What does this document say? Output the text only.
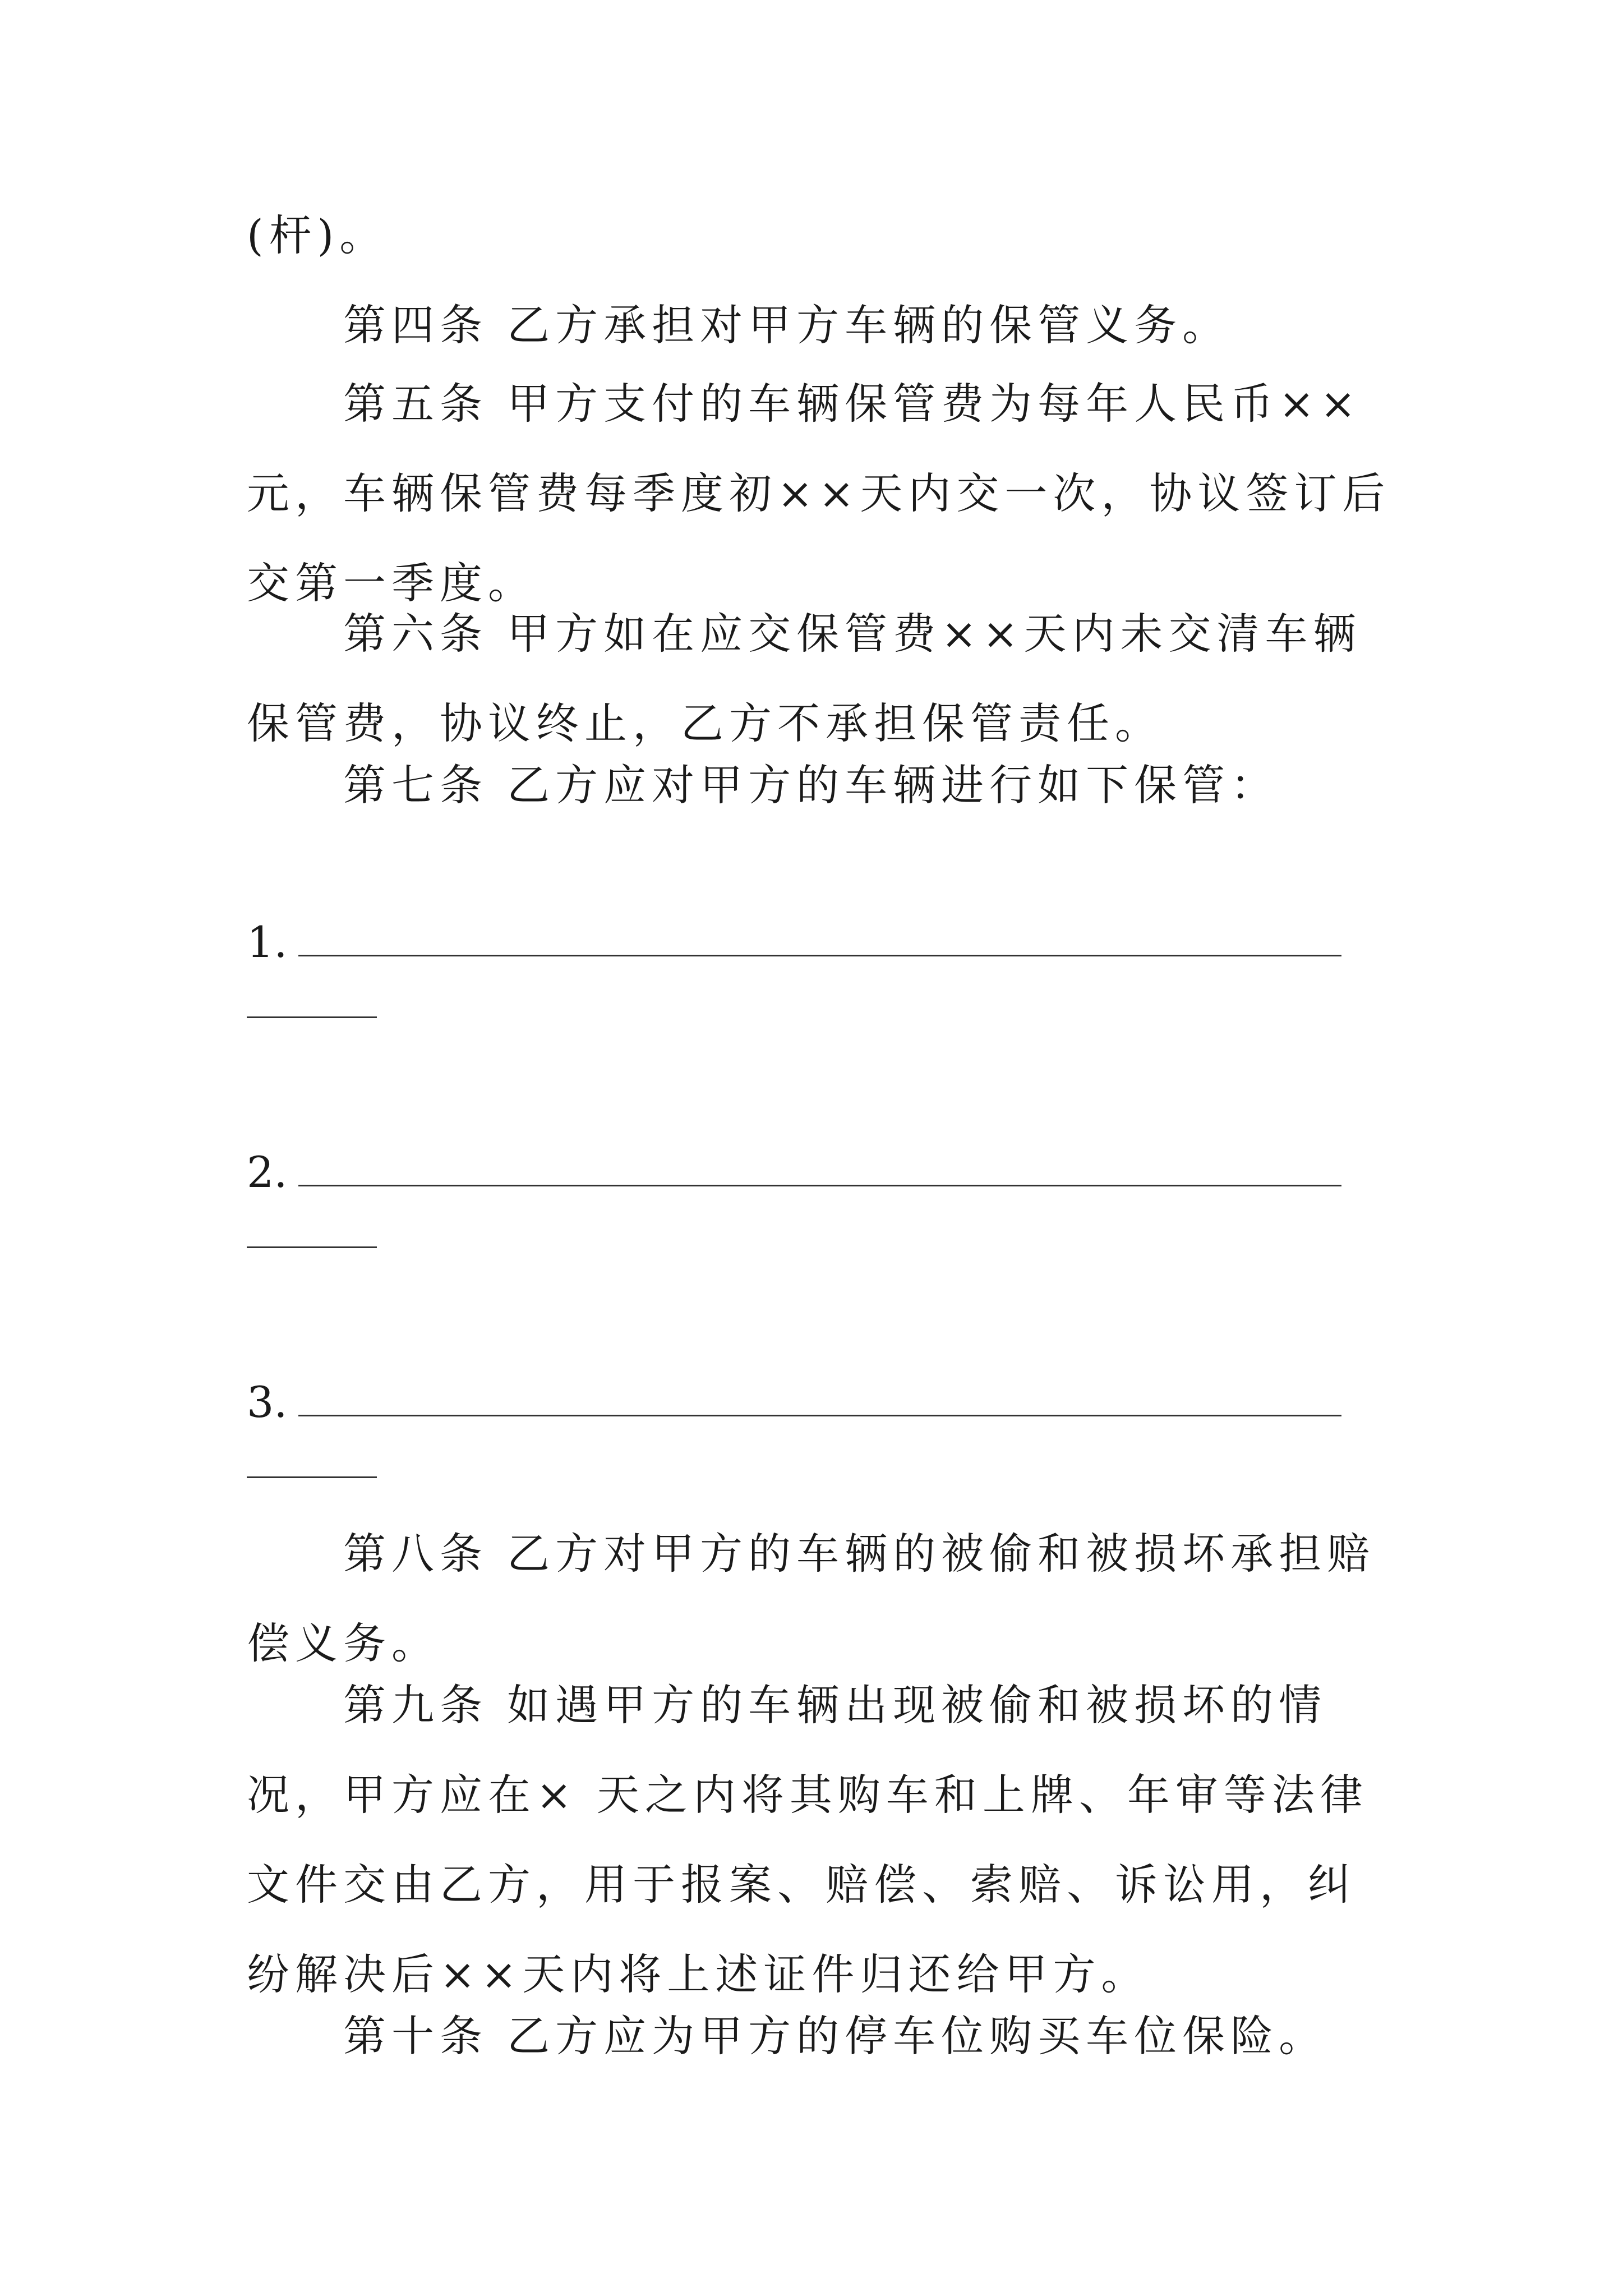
(杆)。

第四条 乙方承担对甲方车辆的保管义务。

第五条 甲方支付的车辆保管费为每年人民币×× 元，车辆保管费每季度初××天内交一次，协议签订后交第一季度。

第六条 甲方如在应交保管费××天内未交清车辆保管费，协议终止，乙方不承担保管责任。

第七条 乙方应对甲方的车辆进行如下保管：

1.
2.
3.

第八条 乙方对甲方的车辆的被偷和被损坏承担赔偿义务。

第九条 如遇甲方的车辆出现被偷和被损坏的情况，甲方应在× 天之内将其购车和上牌、年审等法律文件交由乙方，用于报案、赔偿、索赔、诉讼用，纠纷解决后××天内将上述证件归还给甲方。

第十条 乙方应为甲方的停车位购买车位保险。
